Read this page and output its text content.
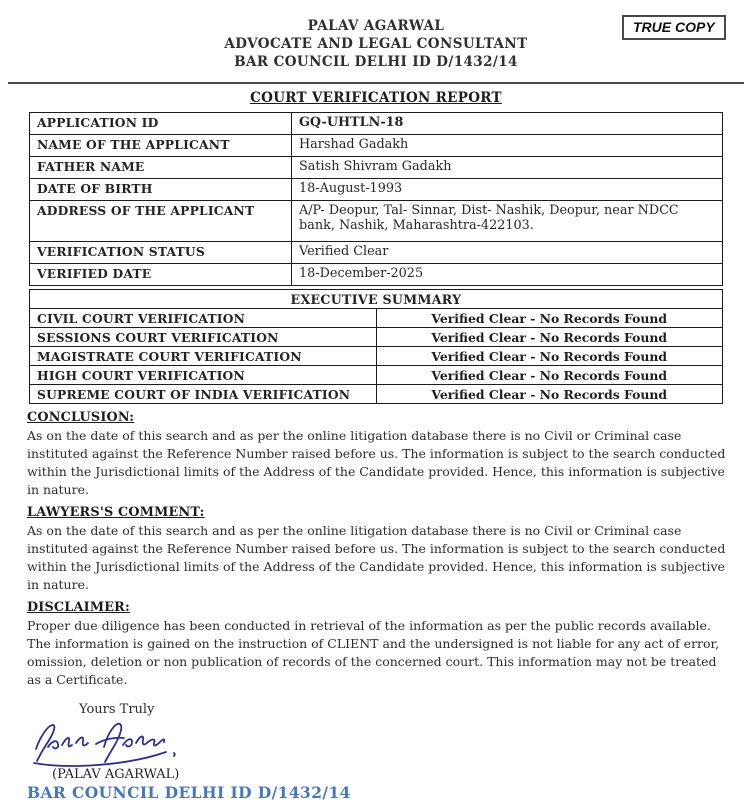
PALAV AGARWAL
ADVOCATE AND LEGAL CONSULTANT
BAR COUNCIL DELHI ID D/1432/14
TRUE COPY
COURT VERIFICATION REPORT
APPLICATION ID	GQ-UHTLN-18
NAME OF THE APPLICANT	Harshad Gadakh
FATHER NAME	Satish Shivram Gadakh
DATE OF BIRTH	18-August-1993
ADDRESS OF THE APPLICANT	A/P- Deopur, Tal- Sinnar, Dist- Nashik, Deopur, near NDCC bank, Nashik, Maharashtra-422103.
VERIFICATION STATUS	Verified Clear
VERIFIED DATE	18-December-2025
EXECUTIVE SUMMARY	
CIVIL COURT VERIFICATION	Verified Clear - No Records Found
SESSIONS COURT VERIFICATION	Verified Clear - No Records Found
MAGISTRATE COURT VERIFICATION	Verified Clear - No Records Found
HIGH COURT VERIFICATION	Verified Clear - No Records Found
SUPREME COURT OF INDIA VERIFICATION	Verified Clear - No Records Found
CONCLUSION:
As on the date of this search and as per the online litigation database there is no Civil or Criminal case instituted against the Reference Number raised before us. The information is subject to the search conducted within the Jurisdictional limits of the Address of the Candidate provided. Hence, this information is subjective in nature.
LAWYERS'S COMMENT:
As on the date of this search and as per the online litigation database there is no Civil or Criminal case instituted against the Reference Number raised before us. The information is subject to the search conducted within the Jurisdictional limits of the Address of the Candidate provided. Hence, this information is subjective in nature.
DISCLAIMER:
Proper due diligence has been conducted in retrieval of the information as per the public records available. The information is gained on the instruction of CLIENT and the undersigned is not liable for any act of error, omission, deletion or non publication of records of the concerned court. This information may not be treated as a Certificate.
Yours Truly
(PALAV AGARWAL)
BAR COUNCIL DELHI ID D/1432/14
